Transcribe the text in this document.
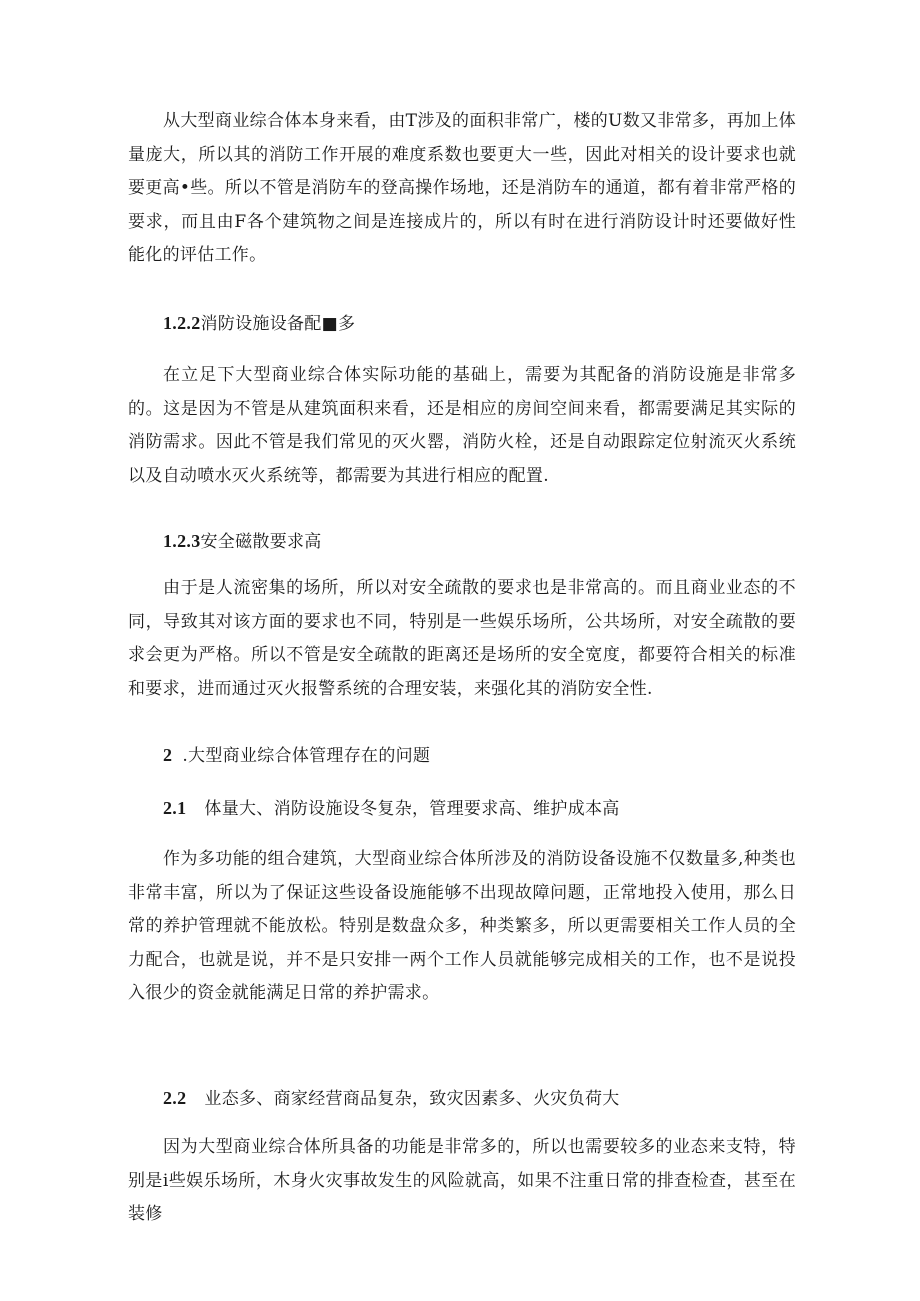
从大型商业综合体本身来看，由T涉及的面积非常广，楼的U数又非常多，再加上体量庞大，所以其的消防工作开展的难度系数也要更大一些，因此对相关的设计要求也就要更高•些。所以不管是消防车的登高操作场地，还是消防车的通道，都有着非常严格的要求，而且由F各个建筑物之间是连接成片的，所以有时在进行消防设计时还要做好性能化的评估工作。

1.2.2消防设施设备配■多

在立足下大型商业综合体实际功能的基础上，需要为其配备的消防设施是非常多的。这是因为不管是从建筑面积来看，还是相应的房间空间来看，都需要满足其实际的消防需求。因此不管是我们常见的灭火罂，消防火栓，还是自动跟踪定位射流灭火系统以及自动喷水灭火系统等，都需要为其进行相应的配置.

1.2.3安全磁散要求高

由于是人流密集的场所，所以对安全疏散的要求也是非常高的。而且商业业态的不同，导致其对该方面的要求也不同，特别是一些娱乐场所，公共场所，对安全疏散的要求会更为严格。所以不管是安全疏散的距离还是场所的安全宽度，都要符合相关的标准和要求，进而通过灭火报警系统的合理安装，来强化其的消防安全性.

2 .大型商业综合体管理存在的问题
2.1 体量大、消防设施设冬复杂，管理要求高、维护成本高

作为多功能的组合建筑，大型商业综合体所涉及的消防设备设施不仅数量多,种类也非常丰富，所以为了保证这些设备设施能够不出现故障问题，正常地投入使用，那么日常的养护管理就不能放松。特别是数盘众多，种类繁多，所以更需要相关工作人员的全力配合，也就是说，并不是只安排一两个工作人员就能够完成相关的工作，也不是说投入很少的资金就能满足日常的养护需求。

2.2 业态多、商家经营商品复杂，致灾因素多、火灾负荷大

因为大型商业综合体所具备的功能是非常多的，所以也需要较多的业态来支特，特别是i些娱乐场所，木身火灾事故发生的风险就高，如果不注重日常的排查检查，甚至在装修
